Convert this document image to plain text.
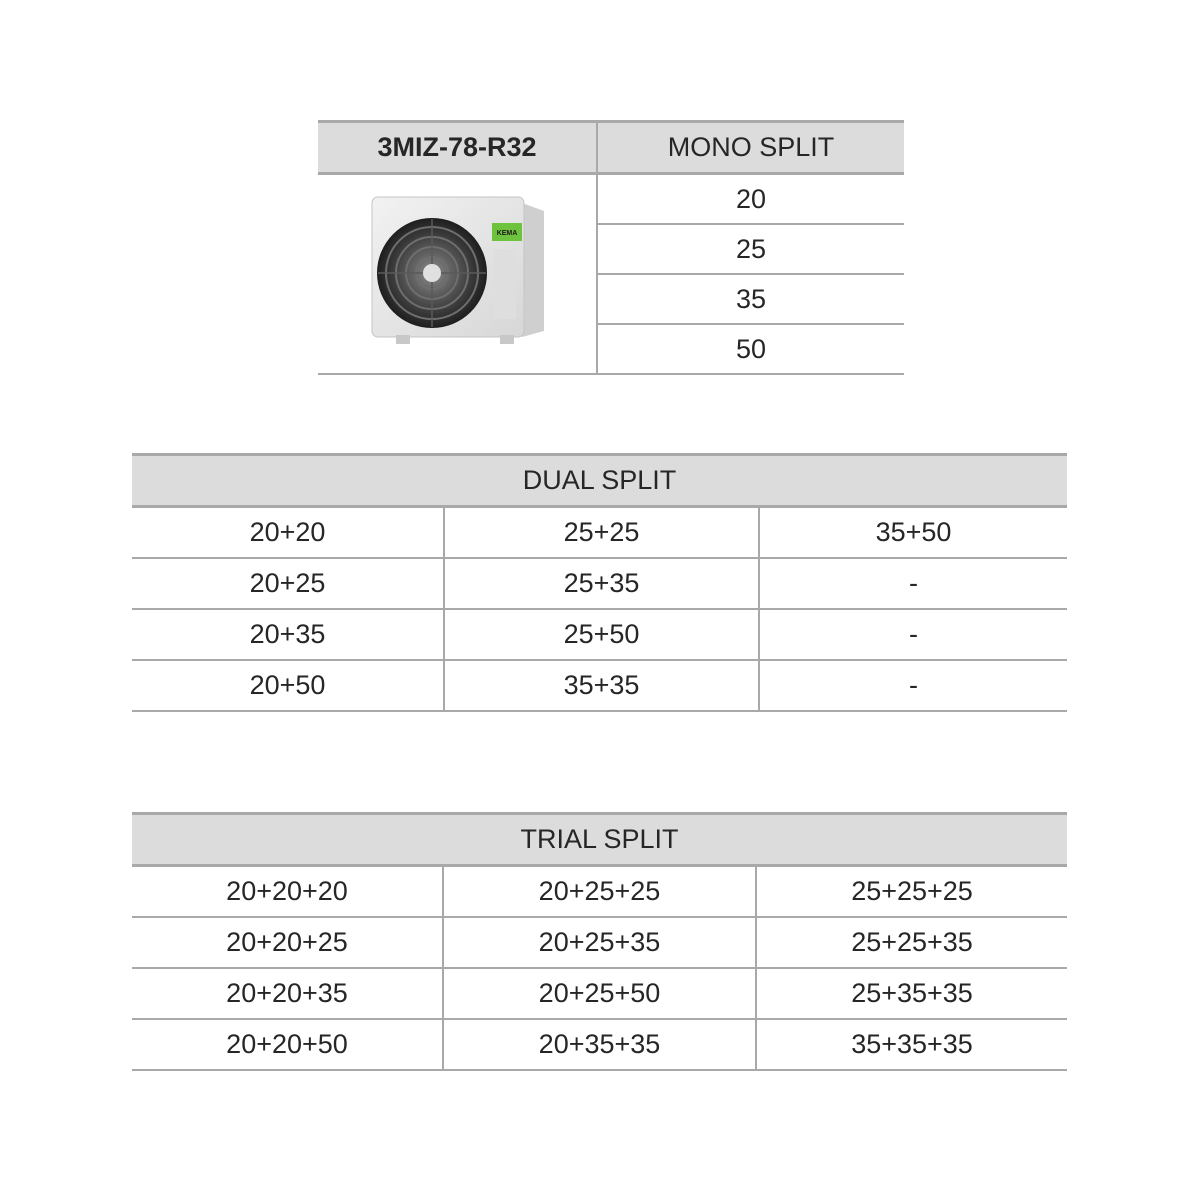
3MIZ-78-R32	MONO SPLIT

KEMA	20
	25
	35
	50
DUAL SPLIT		
20+20	25+25	35+50
20+25	25+35	-
20+35	25+50	-
20+50	35+35	-
TRIAL SPLIT		
20+20+20	20+25+25	25+25+25
20+20+25	20+25+35	25+25+35
20+20+35	20+25+50	25+35+35
20+20+50	20+35+35	35+35+35
